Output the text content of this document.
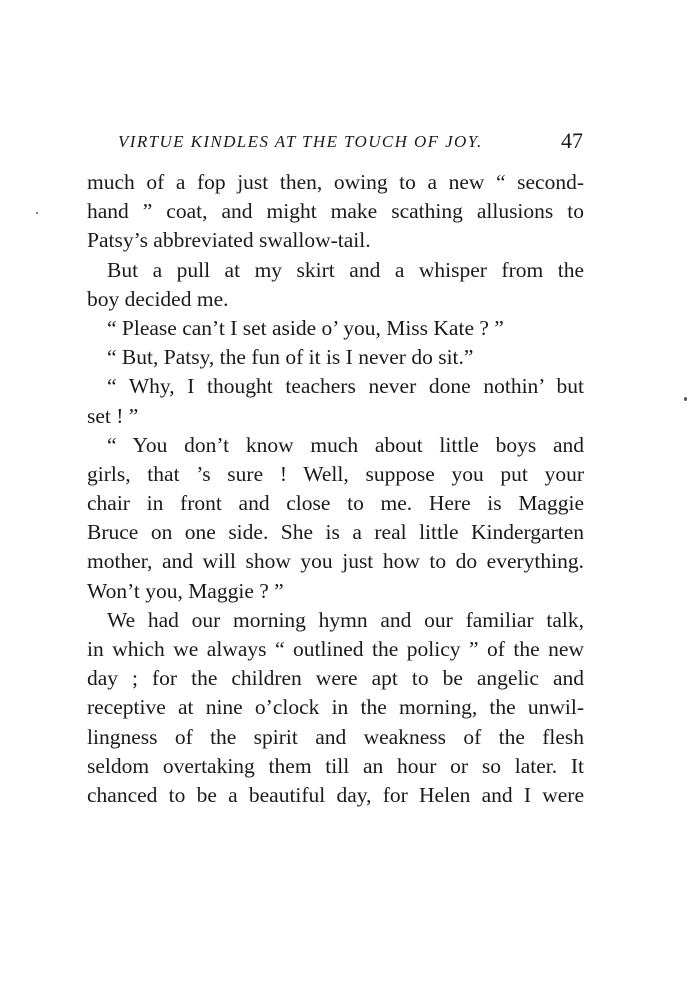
VIRTUE KINDLES AT THE TOUCH OF JOY.	47
much of a fop just then, owing to a new “ second-
hand ” coat, and might make scathing allusions to
Patsy’s abbreviated swallow-tail.
But a pull at my skirt and a whisper from the
boy decided me.
“ Please can’t I set aside o’ you, Miss Kate ? ”
“ But, Patsy, the fun of it is I never do sit.”
“ Why, I thought teachers never done nothin’ but
set ! ”
“ You don’t know much about little boys and
girls, that ’s sure ! Well, suppose you put your
chair in front and close to me. Here is Maggie
Bruce on one side. She is a real little Kindergarten
mother, and will show you just how to do everything.
Won’t you, Maggie ? ”
We had our morning hymn and our familiar talk,
in which we always “ outlined the policy ” of the new
day ; for the children were apt to be angelic and
receptive at nine o’clock in the morning, the unwil-
lingness of the spirit and weakness of the flesh
seldom overtaking them till an hour or so later. It
chanced to be a beautiful day, for Helen and I were
